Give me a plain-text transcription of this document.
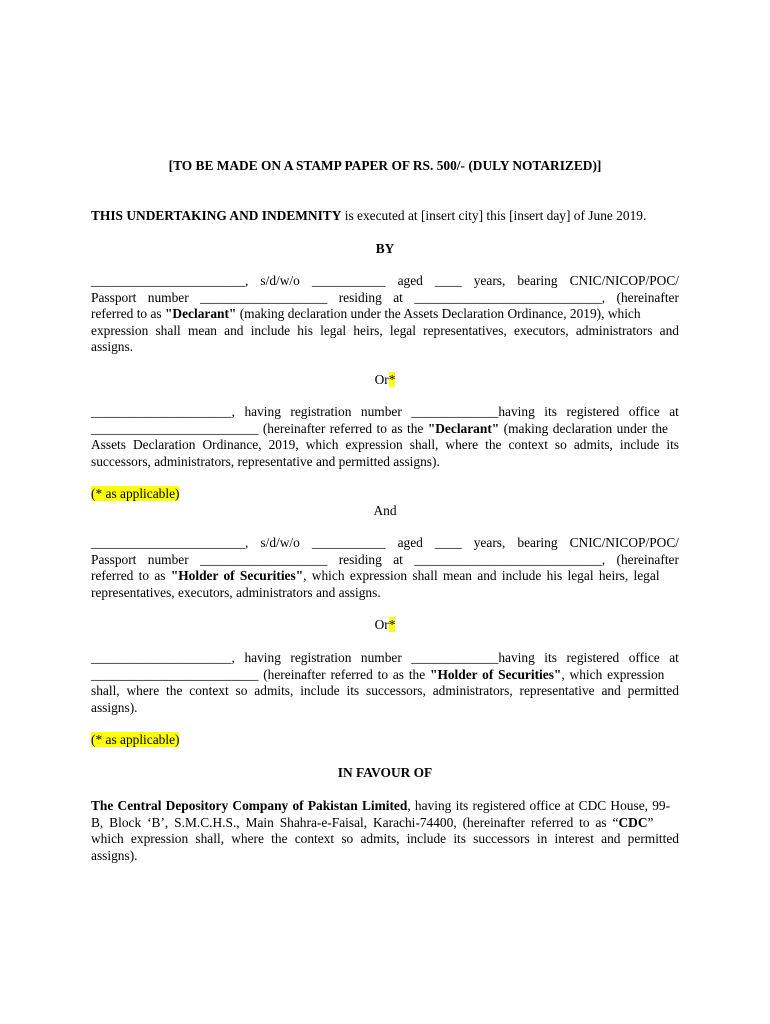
[TO BE MADE ON A STAMP PAPER OF RS. 500/- (DULY NOTARIZED)]
THIS UNDERTAKING AND INDEMNITY is executed at [insert city] this [insert day] of June 2019.
BY
_______________________, s/d/w/o ___________ aged ____ years, bearing CNIC/NICOP/POC/
Passport number ___________________ residing at ____________________________, (hereinafter
referred to as "Declarant" (making declaration under the Assets Declaration Ordinance, 2019), which
expression shall mean and include his legal heirs, legal representatives, executors, administrators and
assigns.
Or*
_____________________, having registration number _____________having its registered office at
_________________________ (hereinafter referred to as the "Declarant" (making declaration under the
Assets Declaration Ordinance, 2019, which expression shall, where the context so admits, include its
successors, administrators, representative and permitted assigns).
(* as applicable)
And
_______________________, s/d/w/o ___________ aged ____ years, bearing CNIC/NICOP/POC/
Passport number ___________________ residing at ____________________________, (hereinafter
referred to as "Holder of Securities", which expression shall mean and include his legal heirs, legal
representatives, executors, administrators and assigns.
Or*
_____________________, having registration number _____________having its registered office at
_________________________ (hereinafter referred to as the "Holder of Securities", which expression
shall, where the context so admits, include its successors, administrators, representative and permitted
assigns).
(* as applicable)
IN FAVOUR OF
The Central Depository Company of Pakistan Limited, having its registered office at CDC House, 99-
B, Block ‘B’, S.M.C.H.S., Main Shahra-e-Faisal, Karachi-74400, (hereinafter referred to as “CDC”
which expression shall, where the context so admits, include its successors in interest and permitted
assigns).
